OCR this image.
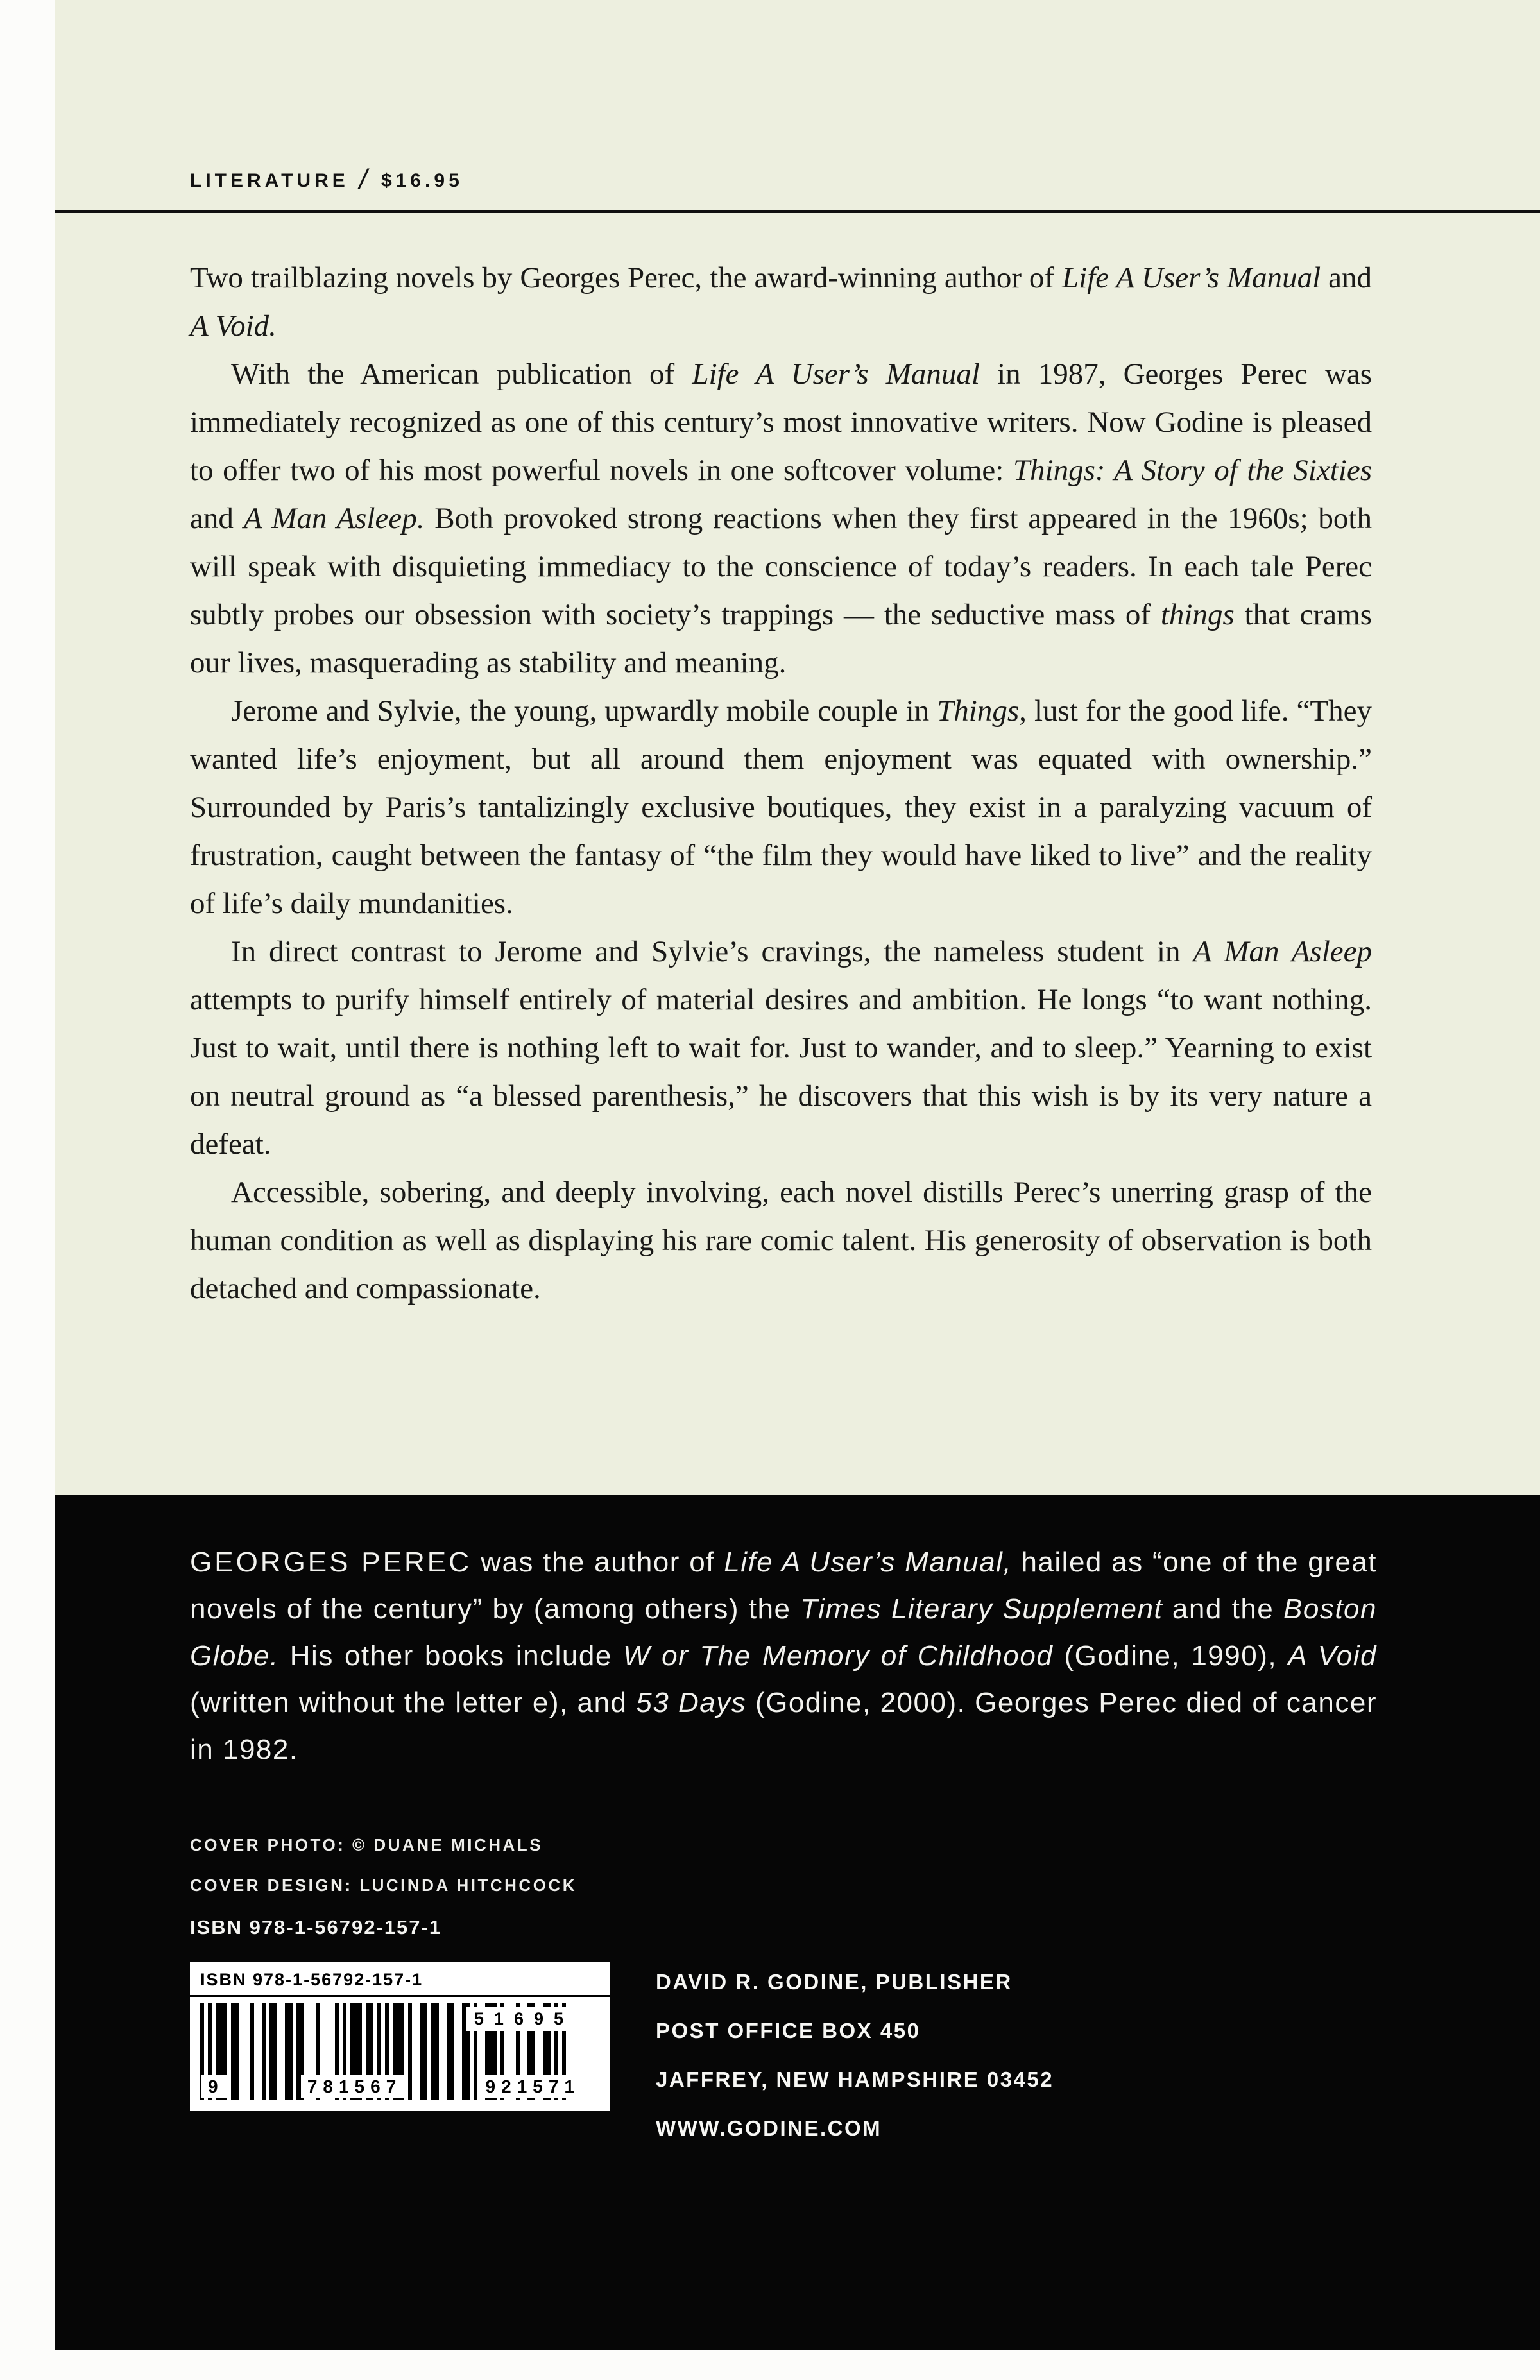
LITERATURE / $16.95

Two trailblazing novels by Georges Perec, the award-winning author of Life A User’s Manual and A Void.

With the American publication of Life A User’s Manual in 1987, Georges Perec was immediately recognized as one of this century’s most innovative writers. Now Godine is pleased to offer two of his most powerful novels in one softcover volume: Things: A Story of the Sixties and A Man Asleep. Both provoked strong reactions when they first appeared in the 1960s; both will speak with disquieting immediacy to the conscience of today’s readers. In each tale Perec subtly probes our obsession with society’s trappings — the seductive mass of things that crams our lives, masquerading as stability and meaning.

Jerome and Sylvie, the young, upwardly mobile couple in Things, lust for the good life. “They wanted life’s enjoyment, but all around them enjoyment was equated with ownership.” Surrounded by Paris’s tantalizingly exclusive boutiques, they exist in a paralyzing vacuum of frustration, caught between the fantasy of “the film they would have liked to live” and the reality of life’s daily mundanities.

In direct contrast to Jerome and Sylvie’s cravings, the nameless student in A Man Asleep attempts to purify himself entirely of material desires and ambition. He longs “to want nothing. Just to wait, until there is nothing left to wait for. Just to wander, and to sleep.” Yearning to exist on neutral ground as “a blessed parenthesis,” he discovers that this wish is by its very nature a defeat.

Accessible, sobering, and deeply involving, each novel distills Perec’s unerring grasp of the human condition as well as displaying his rare comic talent. His generosity of observation is both detached and compassionate.

GEORGES PEREC was the author of Life A User’s Manual, hailed as “one of the great novels of the century” by (among others) the Times Literary Supplement and the Boston Globe. His other books include W or The Memory of Childhood (Godine, 1990), A Void (written without the letter e), and 53 Days (Godine, 2000). Georges Perec died of cancer in 1982.
COVER PHOTO: © DUANE MICHALS
COVER DESIGN: LUCINDA HITCHCOCK
ISBN 978-1-56792-157-1
ISBN 978-1-56792-157-1
51695
9	781567	921571
DAVID R. GODINE, PUBLISHER
POST OFFICE BOX 450
JAFFREY, NEW HAMPSHIRE 03452
WWW.GODINE.COM
